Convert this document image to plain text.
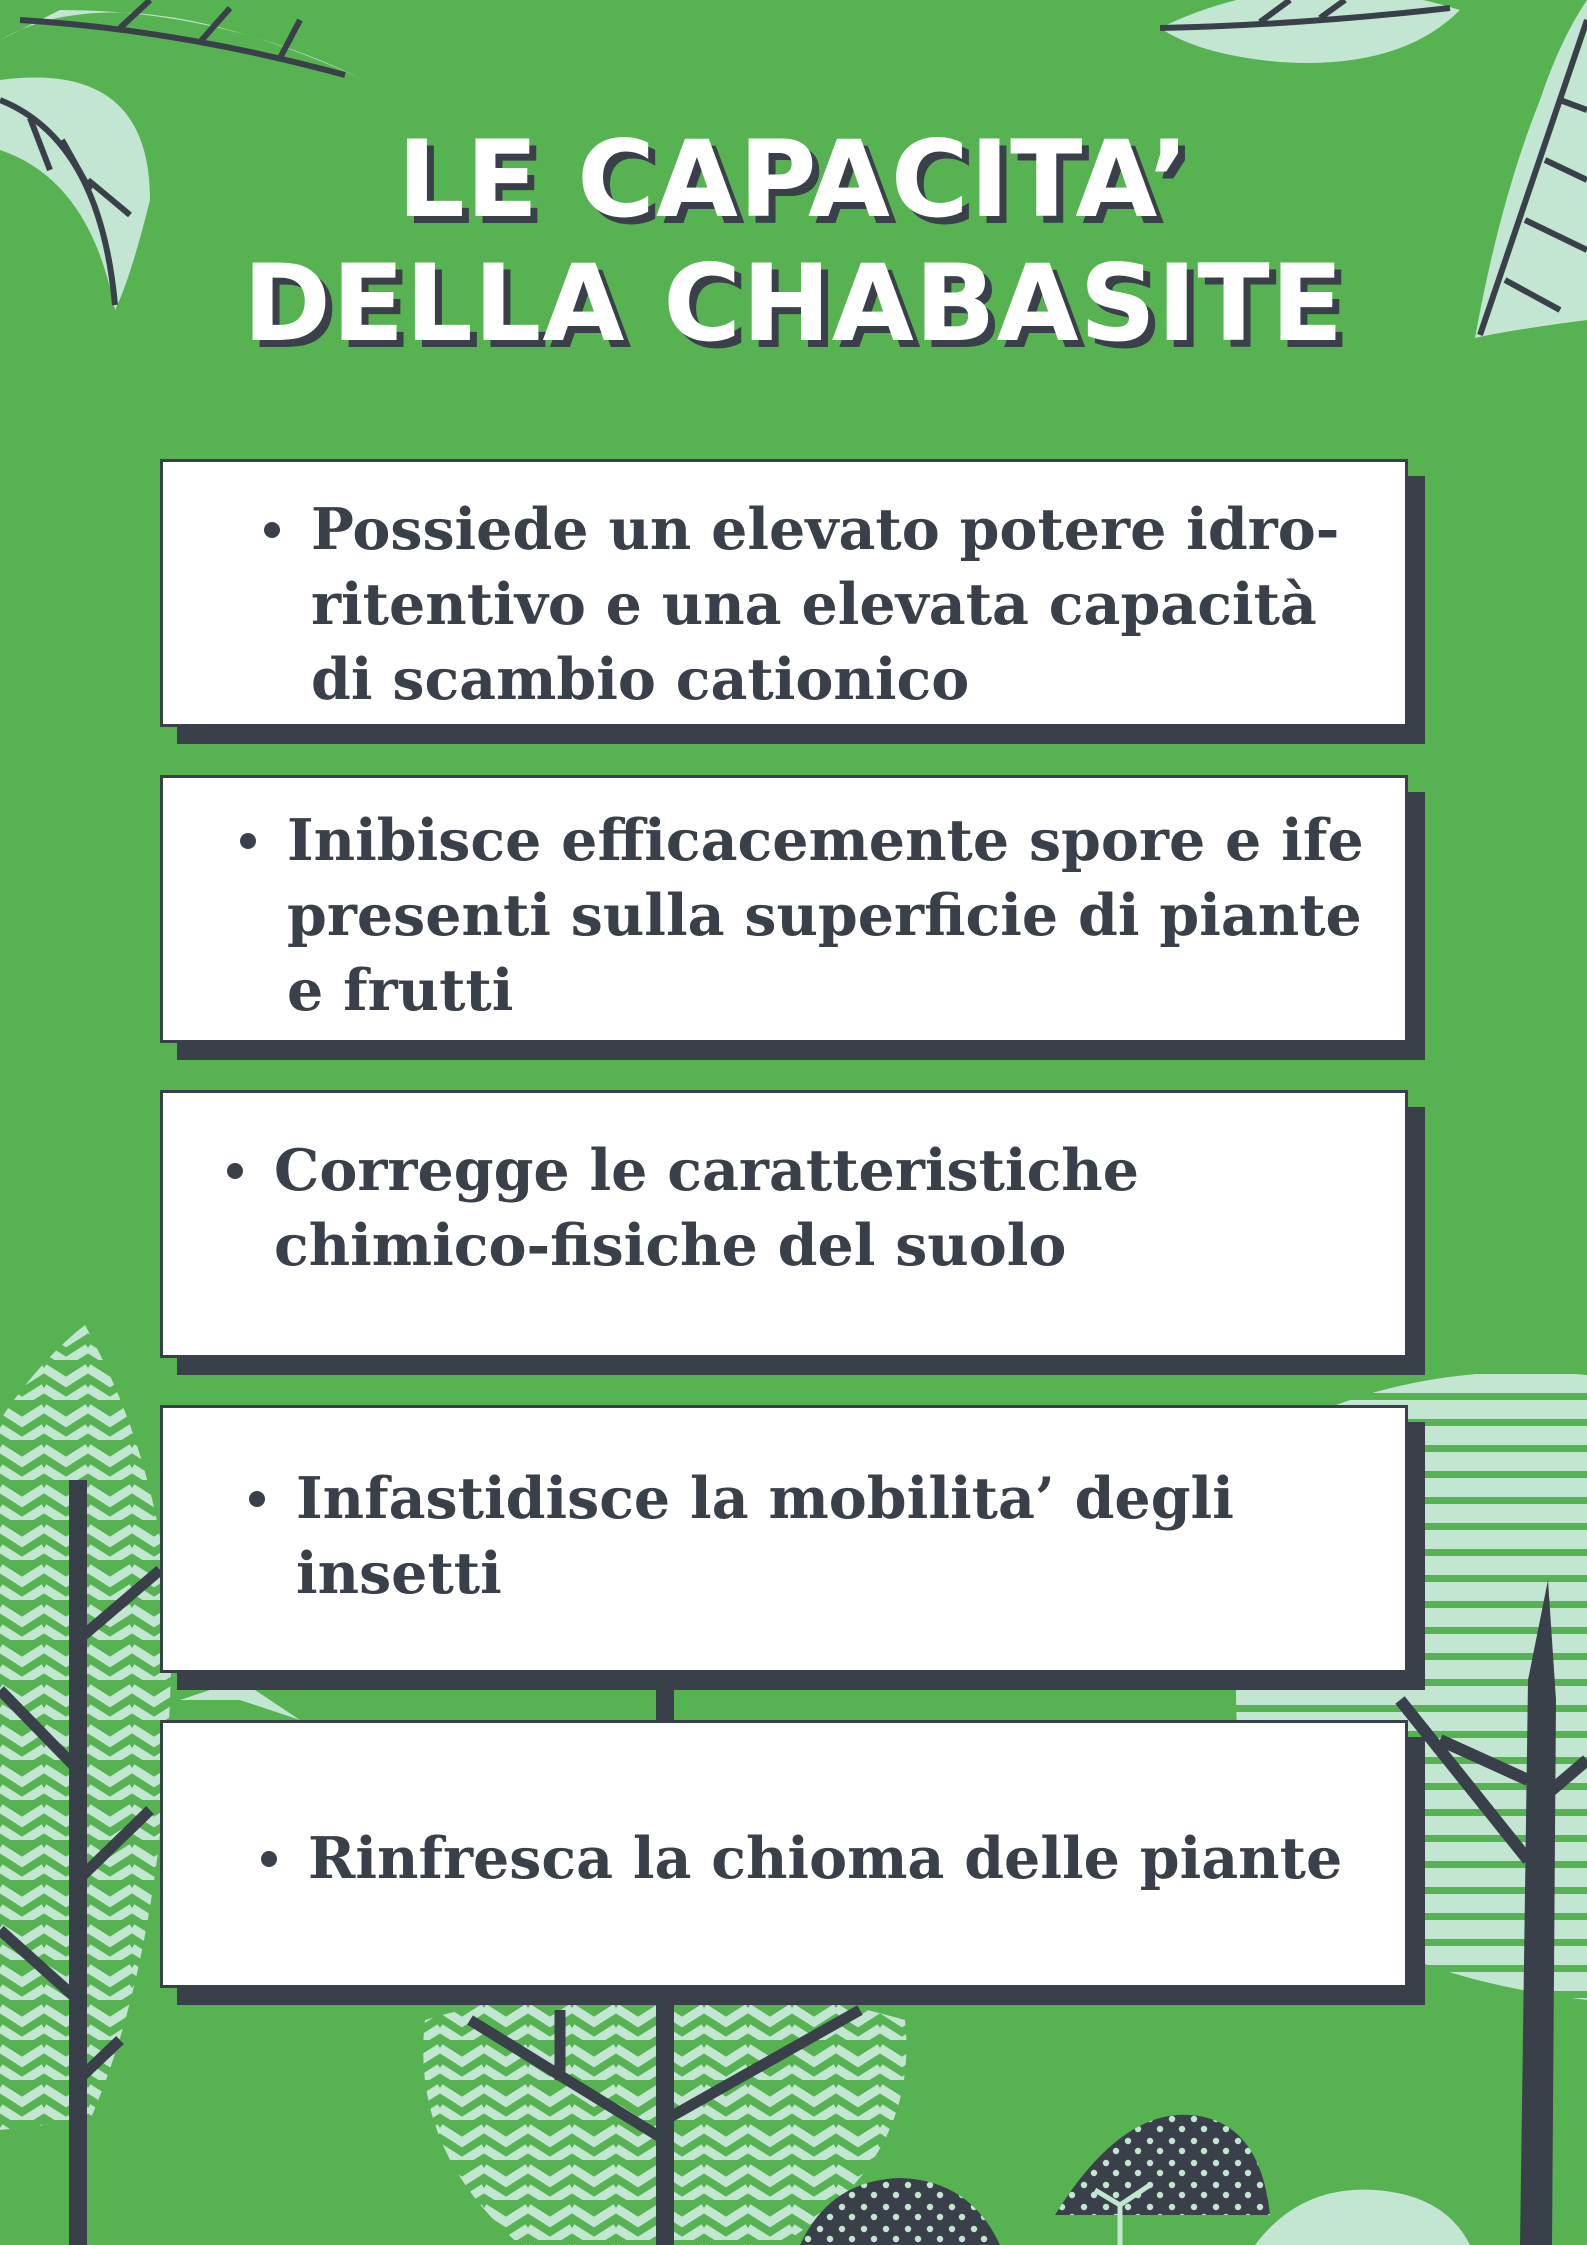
LE CAPACITA’
DELLA CHABASITE

Possiede un elevato potere idro-ritentivo e una elevata capacità di scambio cationico

Inibisce efficacemente spore e ife presenti sulla superficie di piante e frutti

Corregge le caratteristiche chimico-fisiche del suolo

Infastidisce la mobilita’ degli insetti

Rinfresca la chioma delle piante
